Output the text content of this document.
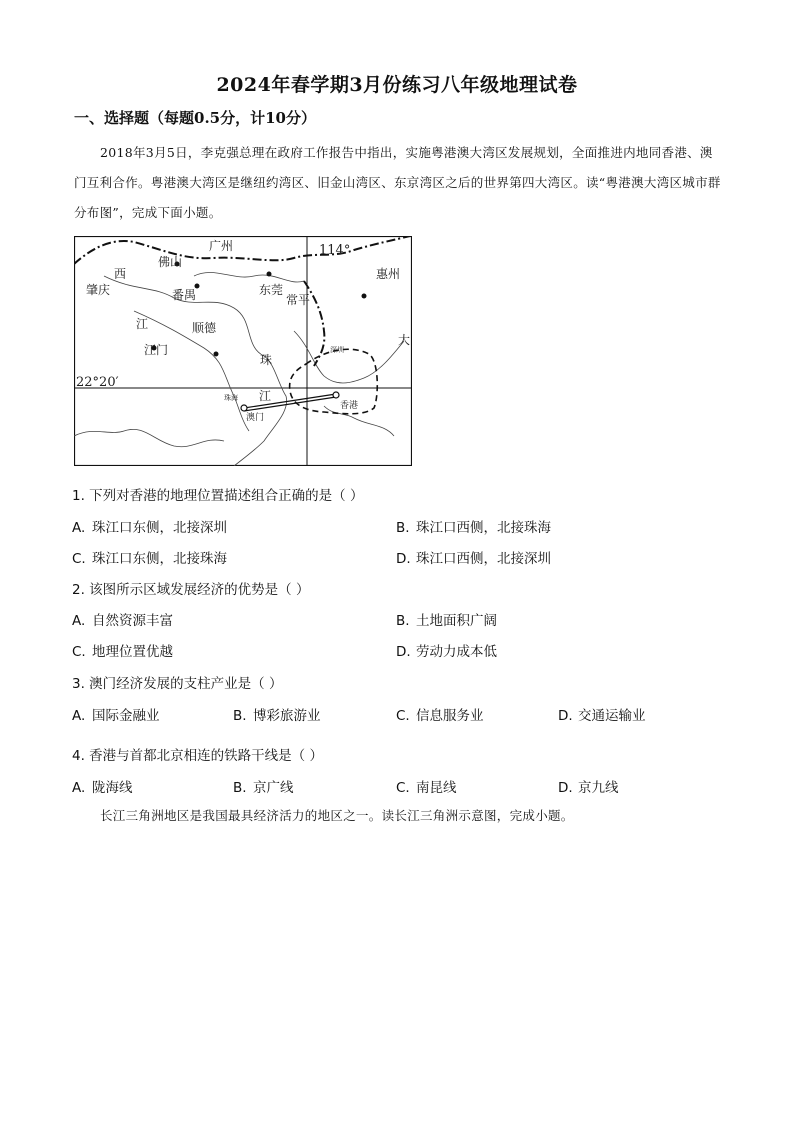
2024年春学期3月份练习八年级地理试卷
一、选择题（每题0.5分，计10分）
2018年3月5日，李克强总理在政府工作报告中指出，实施粤港澳大湾区发展规划，全面推进内地同香港、澳门互利合作。粤港澳大湾区是继纽约湾区、旧金山湾区、东京湾区之后的世界第四大湾区。读“粤港澳大湾区城市群分布图”，完成下面小题。
114°
22°20′
广州
佛山
西
肇庆	番禺	东莞
常平
惠州
江	顺德
江门
珠
深圳
江
珠海
澳门
香港
大
1. 下列对香港的地理位置描述组合正确的是（ ）
A. 珠江口东侧，北接深圳	B. 珠江口西侧，北接珠海
C. 珠江口东侧，北接珠海	D. 珠江口西侧，北接深圳
2. 该图所示区域发展经济的优势是（ ）
A. 自然资源丰富	B. 土地面积广阔
C. 地理位置优越	D. 劳动力成本低
3. 澳门经济发展的支柱产业是（ ）
A. 国际金融业	B. 博彩旅游业	C. 信息服务业	D. 交通运输业
4. 香港与首都北京相连的铁路干线是（ ）
A. 陇海线	B. 京广线	C. 南昆线	D. 京九线
长江三角洲地区是我国最具经济活力的地区之一。读长江三角洲示意图，完成小题。
